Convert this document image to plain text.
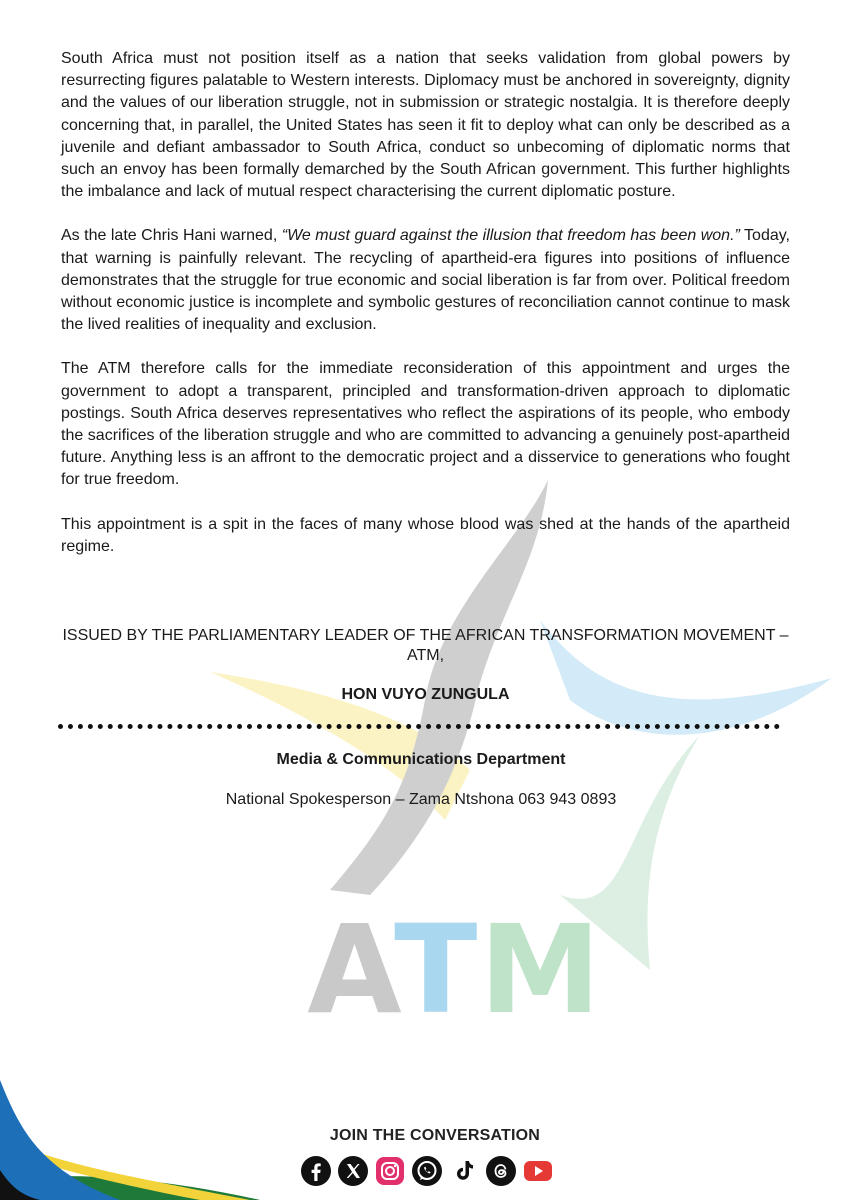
ATM

South Africa must not position itself as a nation that seeks validation from global powers by resurrecting figures palatable to Western interests. Diplomacy must be anchored in sovereignty, dignity and the values of our liberation struggle, not in submission or strategic nostalgia. It is therefore deeply concerning that, in parallel, the United States has seen it fit to deploy what can only be described as a juvenile and defiant ambassador to South Africa, conduct so unbecoming of diplomatic norms that such an envoy has been formally demarched by the South African government. This further highlights the imbalance and lack of mutual respect characterising the current diplomatic posture.

As the late Chris Hani warned, “We must guard against the illusion that freedom has been won.” Today, that warning is painfully relevant. The recycling of apartheid-era figures into positions of influence demonstrates that the struggle for true economic and social liberation is far from over. Political freedom without economic justice is incomplete and symbolic gestures of reconciliation cannot continue to mask the lived realities of inequality and exclusion.

The ATM therefore calls for the immediate reconsideration of this appointment and urges the government to adopt a transparent, principled and transformation-driven approach to diplomatic postings. South Africa deserves representatives who reflect the aspirations of its people, who embody the sacrifices of the liberation struggle and who are committed to advancing a genuinely post-apartheid future. Anything less is an affront to the democratic project and a disservice to generations who fought for true freedom.

This appointment is a spit in the faces of many whose blood was shed at the hands of the apartheid regime.

ISSUED BY THE PARLIAMENTARY LEADER OF THE AFRICAN TRANSFORMATION MOVEMENT – ATM,
HON VUYO ZUNGULA
Media & Communications Department
National Spokesperson – Zama Ntshona 063 943 0893
JOIN THE CONVERSATION
